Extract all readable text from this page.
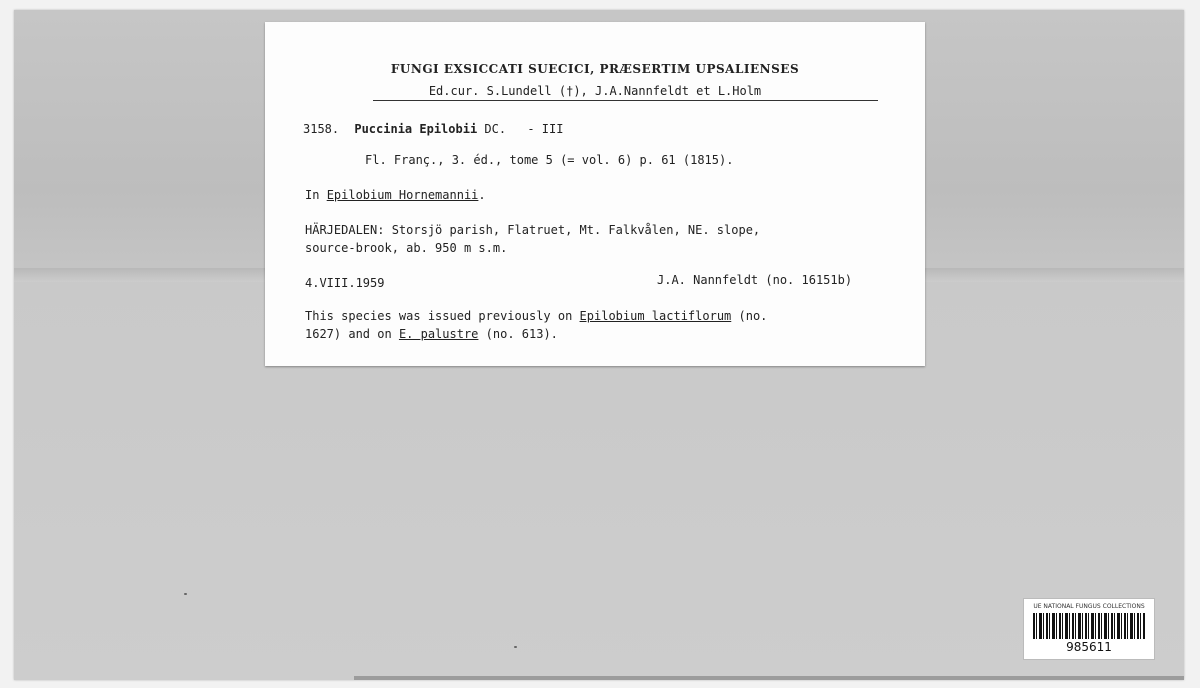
FUNGI EXSICCATI SUECICI, PRÆSERTIM UPSALIENSES
Ed.cur. S.Lundell (†), J.A.Nannfeldt et L.Holm
3158. Puccinia Epilobii DC. - III
Fl. Franç., 3. éd., tome 5 (= vol. 6) p. 61 (1815).
In Epilobium Hornemannii.
HÄRJEDALEN: Storsjö parish, Flatruet, Mt. Falkvålen, NE. slope,
source-brook, ab. 950 m s.m.
4.VIII.1959	J.A. Nannfeldt (no. 16151b)
This species was issued previously on Epilobium lactiflorum (no.
1627) and on E. palustre (no. 613).
UE NATIONAL FUNGUS COLLECTIONS
985611
